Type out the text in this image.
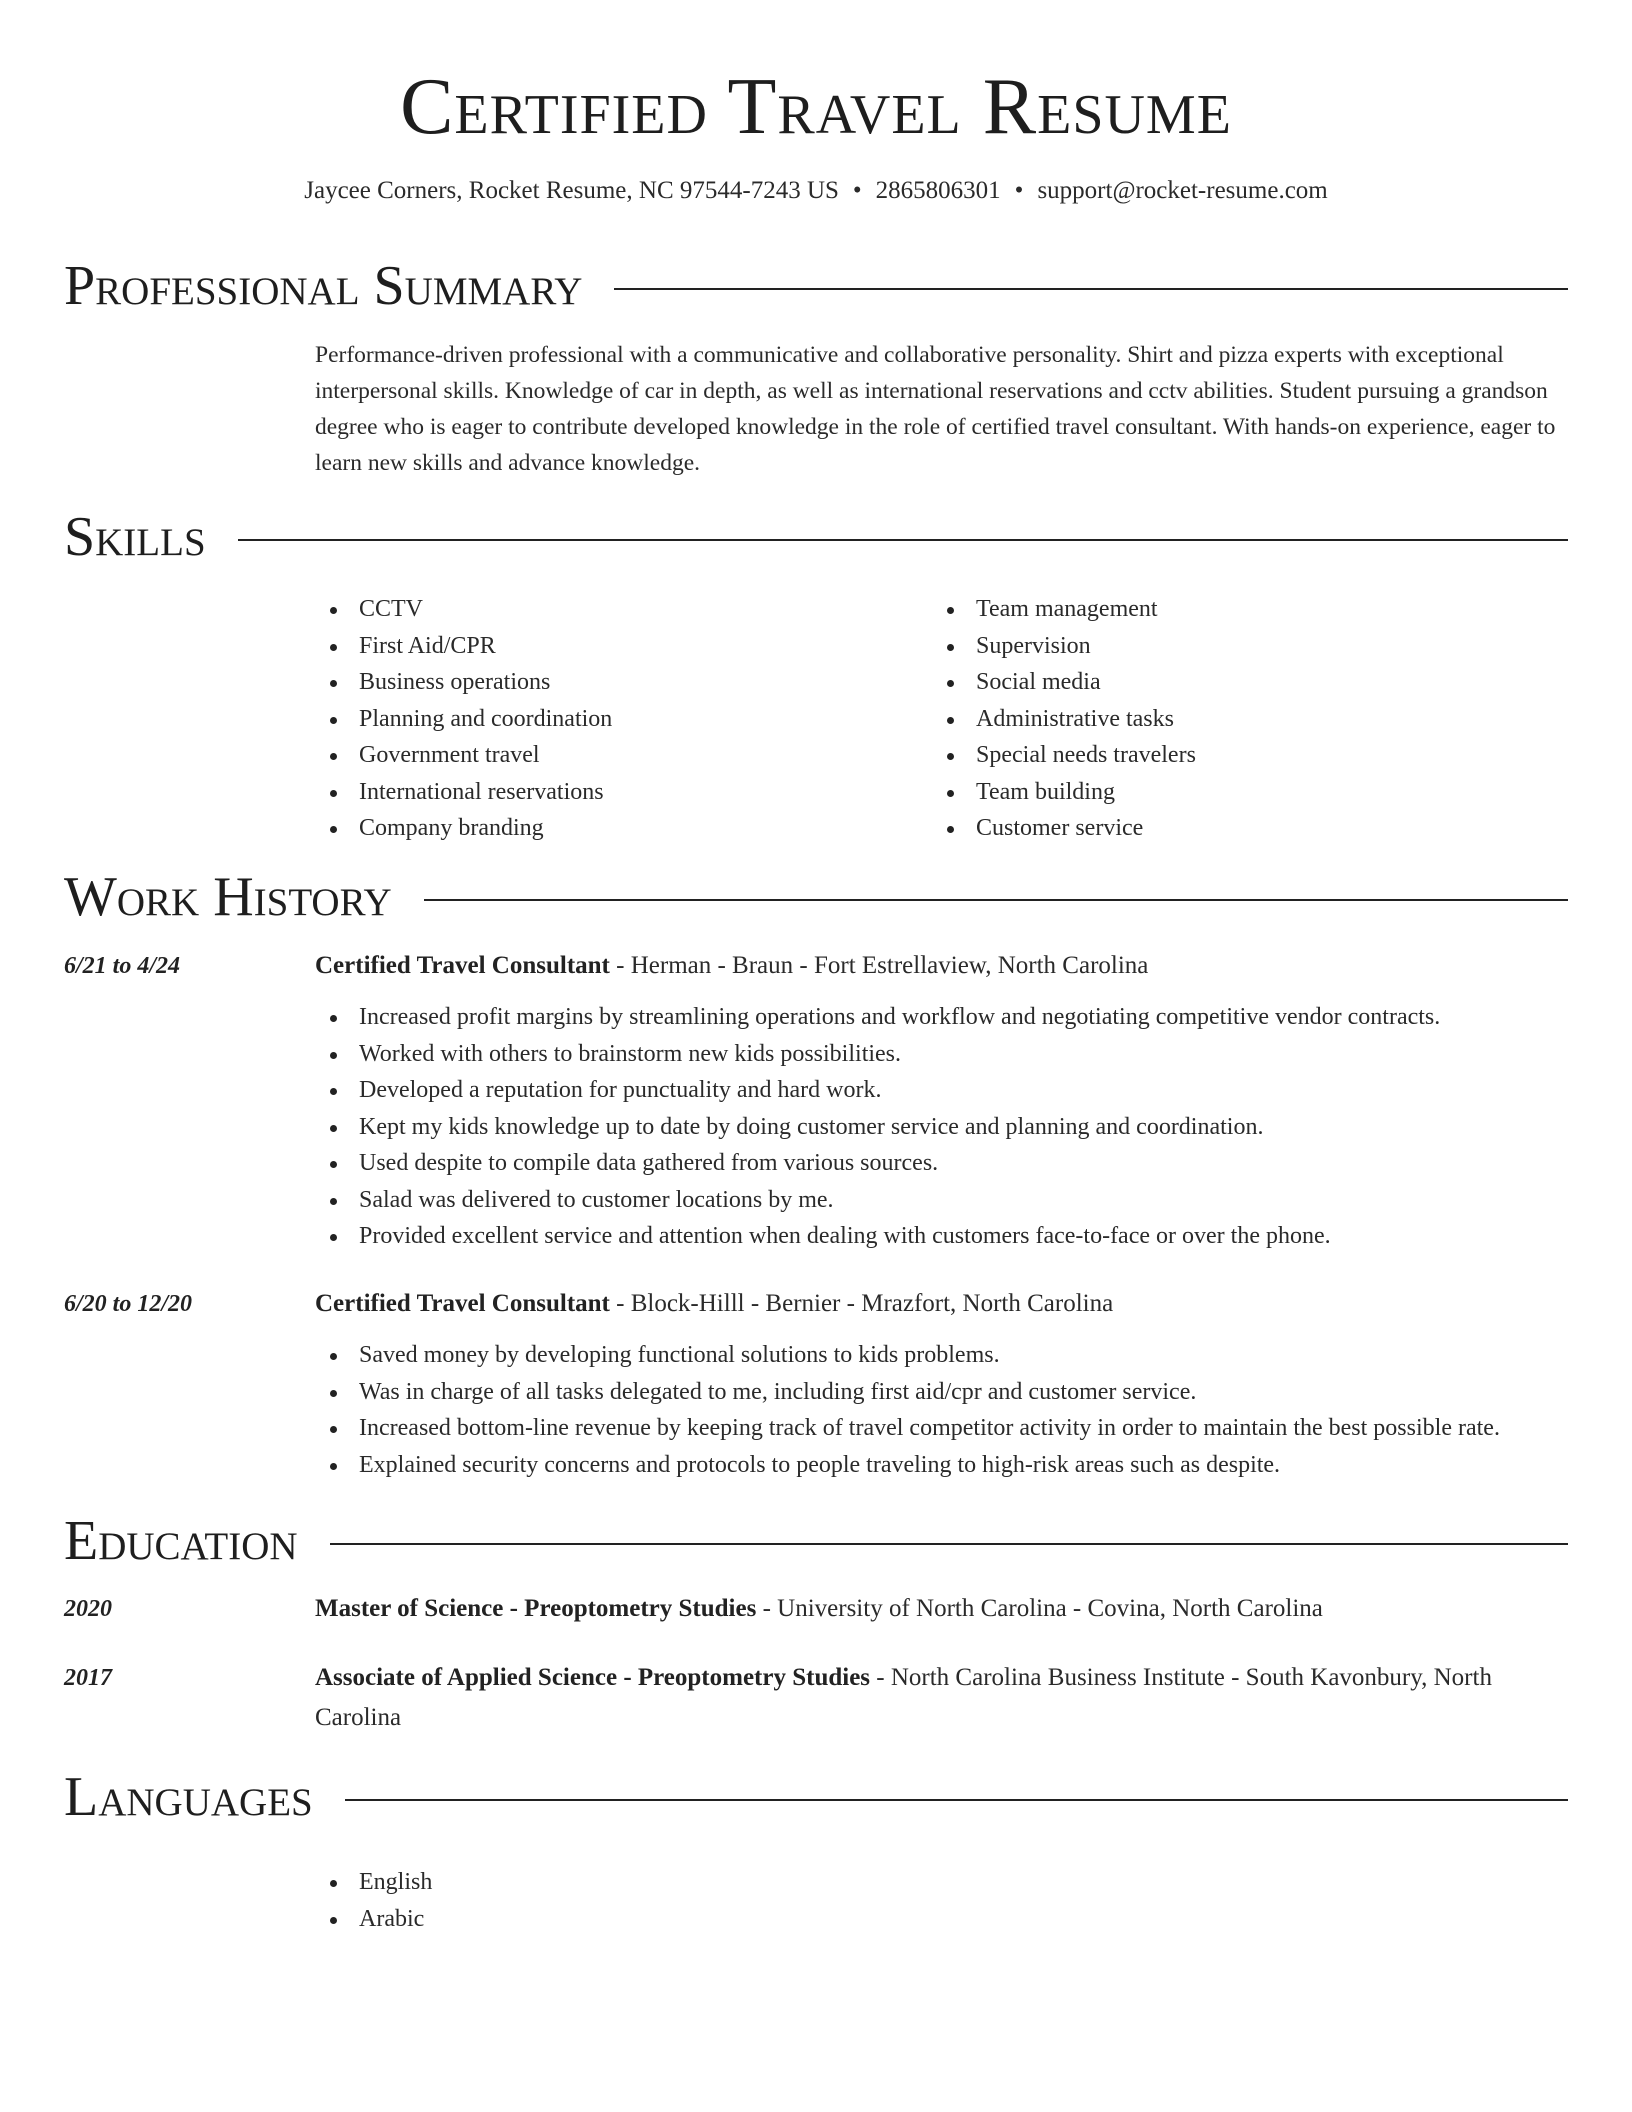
Certified Travel Resume
Jaycee Corners, Rocket Resume, NC 97544-7243 US • 2865806301 • support@rocket-resume.com
Professional Summary

Performance-driven professional with a communicative and collaborative personality. Shirt and pizza experts with exceptional interpersonal skills. Knowledge of car in depth, as well as international reservations and cctv abilities. Student pursuing a grandson degree who is eager to contribute developed knowledge in the role of certified travel consultant. With hands-on experience, eager to learn new skills and advance knowledge.

Skills
CCTV
First Aid/CPR
Business operations
Planning and coordination
Government travel
International reservations
Company branding
Team management
Supervision
Social media
Administrative tasks
Special needs travelers
Team building
Customer service
Work History
6/21 to 4/24	Certified Travel Consultant - Herman - Braun - Fort Estrellaview, North Carolina
Increased profit margins by streamlining operations and workflow and negotiating competitive vendor contracts.
Worked with others to brainstorm new kids possibilities.
Developed a reputation for punctuality and hard work.
Kept my kids knowledge up to date by doing customer service and planning and coordination.
Used despite to compile data gathered from various sources.
Salad was delivered to customer locations by me.
Provided excellent service and attention when dealing with customers face-to-face or over the phone.
6/20 to 12/20	Certified Travel Consultant - Block-Hilll - Bernier - Mrazfort, North Carolina
Saved money by developing functional solutions to kids problems.
Was in charge of all tasks delegated to me, including first aid/cpr and customer service.
Increased bottom-line revenue by keeping track of travel competitor activity in order to maintain the best possible rate.
Explained security concerns and protocols to people traveling to high-risk areas such as despite.
Education
2020	Master of Science - Preoptometry Studies - University of North Carolina - Covina, North Carolina
2017	Associate of Applied Science - Preoptometry Studies - North Carolina Business Institute - South Kavonbury, North Carolina
Languages
English
Arabic
